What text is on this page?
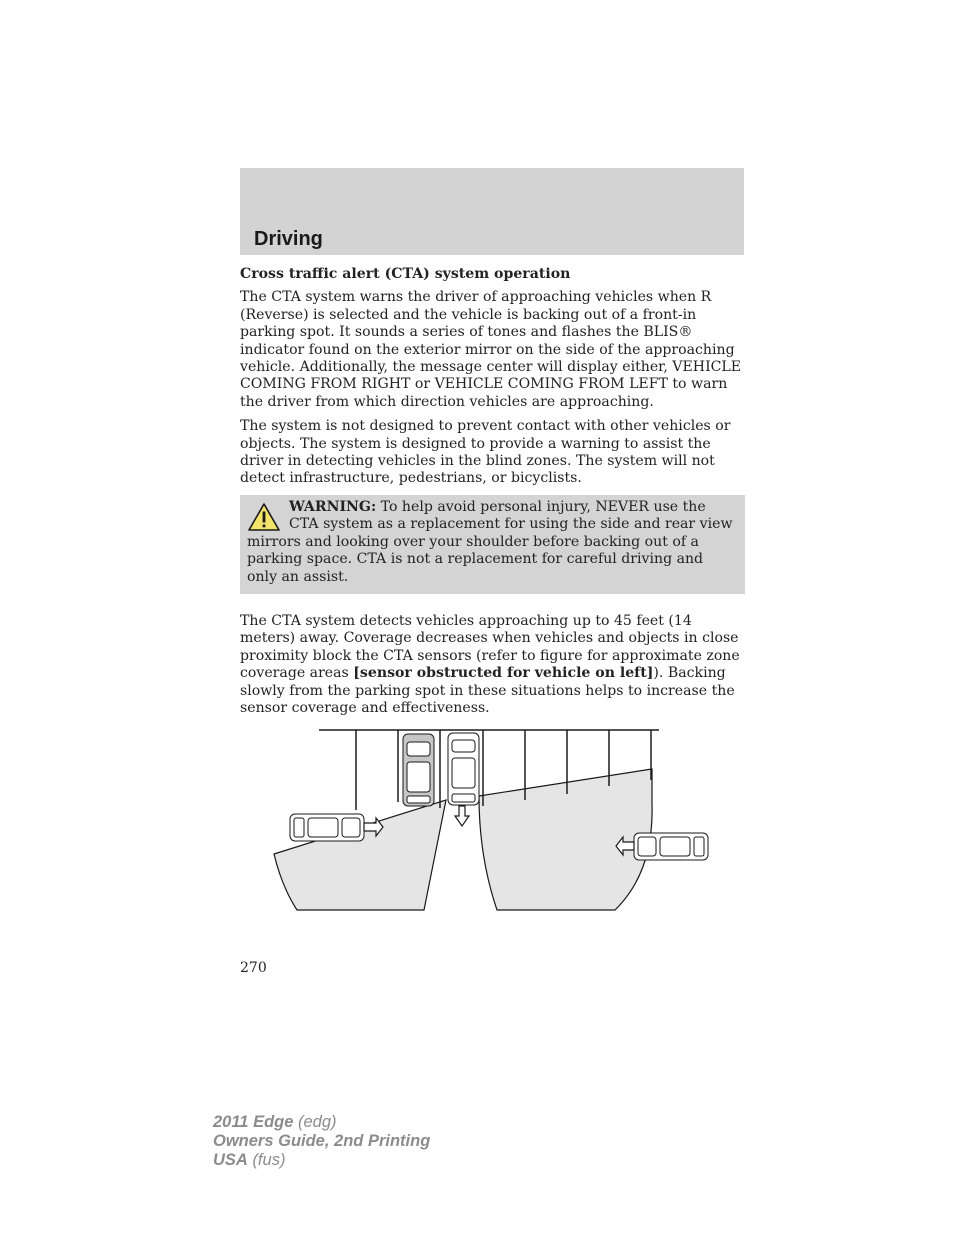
Driving

Cross traffic alert (CTA) system operation

The CTA system warns the driver of approaching vehicles when R (Reverse) is selected and the vehicle is backing out of a front-in parking spot. It sounds a series of tones and flashes the BLIS® indicator found on the exterior mirror on the side of the approaching vehicle. Additionally, the message center will display either, VEHICLE COMING FROM RIGHT or VEHICLE COMING FROM LEFT to warn the driver from which direction vehicles are approaching.

The system is not designed to prevent contact with other vehicles or objects. The system is designed to provide a warning to assist the driver in detecting vehicles in the blind zones. The system will not detect infrastructure, pedestrians, or bicyclists.

WARNING: To help avoid personal injury, NEVER use the CTA system as a replacement for using the side and rear view mirrors and looking over your shoulder before backing out of a parking space. CTA is not a replacement for careful driving and only an assist.

The CTA system detects vehicles approaching up to 45 feet (14 meters) away. Coverage decreases when vehicles and objects in close proximity block the CTA sensors (refer to figure for approximate zone coverage areas [sensor obstructed for vehicle on left]). Backing slowly from the parking spot in these situations helps to increase the sensor coverage and effectiveness.

270
2011 Edge (edg)
Owners Guide, 2nd Printing
USA (fus)
